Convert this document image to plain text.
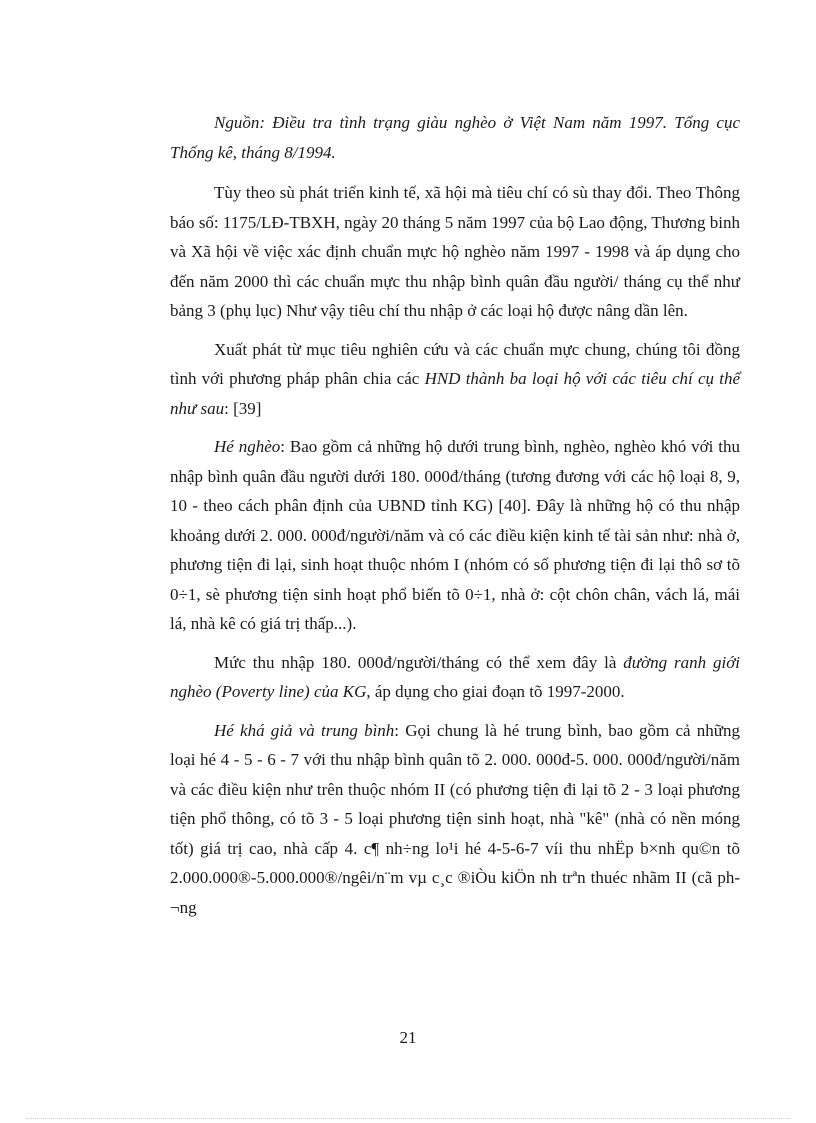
Nguồn: Điều tra tình trạng giàu nghèo ở Việt Nam năm 1997. Tổng cục Thống kê, tháng 8/1994.

Tùy theo sù phát triển kinh tế, xã hội mà tiêu chí có sù thay đổi. Theo Thông báo số: 1175/LĐ-TBXH, ngày 20 tháng 5 năm 1997 của bộ Lao động, Thương binh và Xã hội về việc xác định chuẩn mực hộ nghèo năm 1997 - 1998 và áp dụng cho đến năm 2000 thì các chuẩn mực thu nhập bình quân đầu người/ tháng cụ thể như bảng 3 (phụ lục) Như vậy tiêu chí thu nhập ở các loại hộ được nâng dần lên.

Xuất phát từ mục tiêu nghiên cứu và các chuẩn mực chung, chúng tôi đồng tình với phương pháp phân chia các HND thành ba loại hộ với các tiêu chí cụ thể như sau: [39]

Hé nghèo: Bao gồm cả những hộ dưới trung bình, nghèo, nghèo khó với thu nhập bình quân đầu người dưới 180. 000đ/tháng (tương đương với các hộ loại 8, 9, 10 - theo cách phân định của UBND tỉnh KG) [40]. Đây là những hộ có thu nhập khoảng dưới 2. 000. 000đ/người/năm và có các điều kiện kinh tế tài sản như: nhà ở, phương tiện đi lại, sinh hoạt thuộc nhóm I (nhóm có số phương tiện đi lại thô sơ tõ 0÷1, sè phương tiện sinh hoạt phổ biến tõ 0÷1, nhà ở: cột chôn chân, vách lá, mái lá, nhà kê có giá trị thấp...).

Mức thu nhập 180. 000đ/người/tháng có thể xem đây là đường ranh giới nghèo (Poverty line) của KG, áp dụng cho giai đoạn tõ 1997-2000.

Hé khá giả và trung bình: Gọi chung là hé trung bình, bao gồm cả những loại hé 4 - 5 - 6 - 7 với thu nhập bình quân tõ 2. 000. 000đ-5. 000. 000đ/người/năm và các điều kiện như trên thuộc nhóm II (có phương tiện đi lại tõ 2 - 3 loại phương tiện phổ thông, có tõ 3 - 5 loại phương tiện sinh hoạt, nhà "kê" (nhà có nền móng tốt) giá trị cao, nhà cấp 4. c¶ nh÷ng lo¹i hé 4-5-6-7 víi thu nhËp b×nh qu©n tõ 2.000.000®-5.000.000®/ngêi/n¨m vµ c¸c ®iÒu kiÖn nh trªn thuéc nhãm II (cã ph¬ng

21
